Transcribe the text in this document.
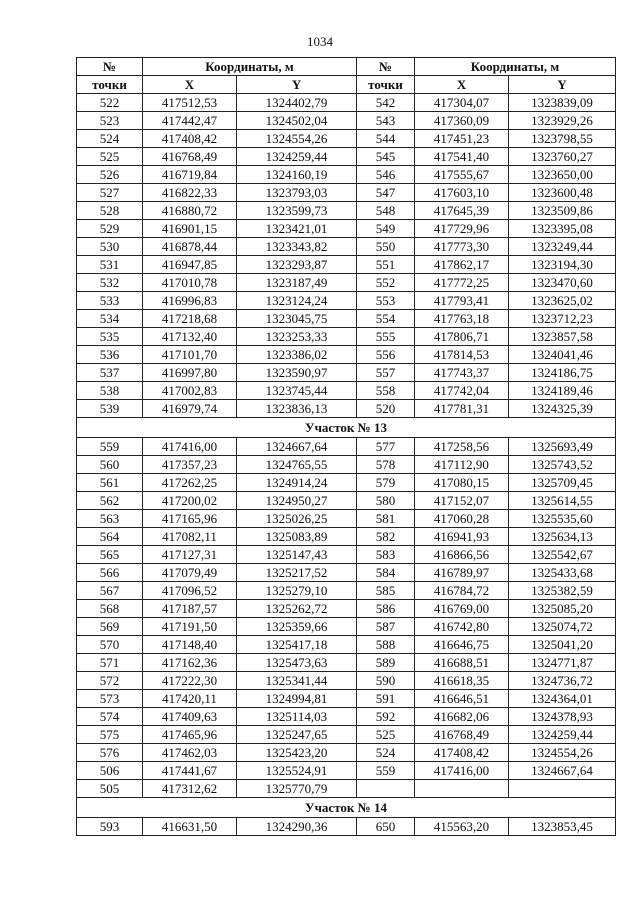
1034
№	Координаты, м		№	Координаты, м	
точки	X	Y	точки	X	Y
522	417512,53	1324402,79	542	417304,07	1323839,09
523	417442,47	1324502,04	543	417360,09	1323929,26
524	417408,42	1324554,26	544	417451,23	1323798,55
525	416768,49	1324259,44	545	417541,40	1323760,27
526	416719,84	1324160,19	546	417555,67	1323650,00
527	416822,33	1323793,03	547	417603,10	1323600,48
528	416880,72	1323599,73	548	417645,39	1323509,86
529	416901,15	1323421,01	549	417729,96	1323395,08
530	416878,44	1323343,82	550	417773,30	1323249,44
531	416947,85	1323293,87	551	417862,17	1323194,30
532	417010,78	1323187,49	552	417772,25	1323470,60
533	416996,83	1323124,24	553	417793,41	1323625,02
534	417218,68	1323045,75	554	417763,18	1323712,23
535	417132,40	1323253,33	555	417806,71	1323857,58
536	417101,70	1323386,02	556	417814,53	1324041,46
537	416997,80	1323590,97	557	417743,37	1324186,75
538	417002,83	1323745,44	558	417742,04	1324189,46
539	416979,74	1323836,13	520	417781,31	1324325,39
Участок № 13					
559	417416,00	1324667,64	577	417258,56	1325693,49
560	417357,23	1324765,55	578	417112,90	1325743,52
561	417262,25	1324914,24	579	417080,15	1325709,45
562	417200,02	1324950,27	580	417152,07	1325614,55
563	417165,96	1325026,25	581	417060,28	1325535,60
564	417082,11	1325083,89	582	416941,93	1325634,13
565	417127,31	1325147,43	583	416866,56	1325542,67
566	417079,49	1325217,52	584	416789,97	1325433,68
567	417096,52	1325279,10	585	416784,72	1325382,59
568	417187,57	1325262,72	586	416769,00	1325085,20
569	417191,50	1325359,66	587	416742,80	1325074,72
570	417148,40	1325417,18	588	416646,75	1325041,20
571	417162,36	1325473,63	589	416688,51	1324771,87
572	417222,30	1325341,44	590	416618,35	1324736,72
573	417420,11	1324994,81	591	416646,51	1324364,01
574	417409,63	1325114,03	592	416682,06	1324378,93
575	417465,96	1325247,65	525	416768,49	1324259,44
576	417462,03	1325423,20	524	417408,42	1324554,26
506	417441,67	1325524,91	559	417416,00	1324667,64
505	417312,62	1325770,79			
Участок № 14					
593	416631,50	1324290,36	650	415563,20	1323853,45
